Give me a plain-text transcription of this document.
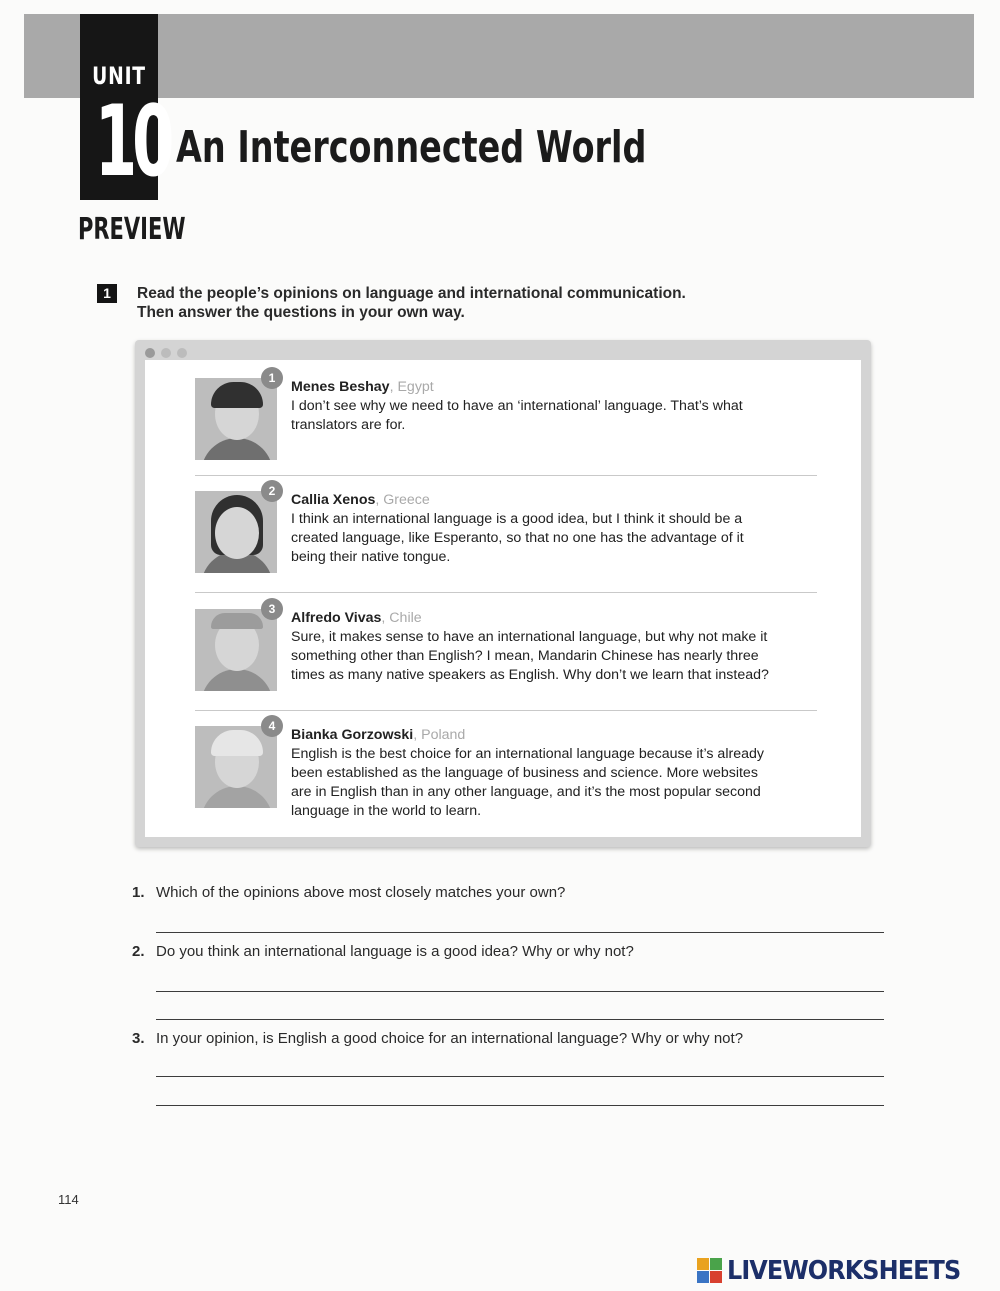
UNIT
10 An Interconnected World
PREVIEW
1	Read the people’s opinions on language and international communication.
Then answer the questions in your own way.
1
Menes Beshay, Egypt
I don’t see why we need to have an ‘international’ language. That’s what
translators are for.
2
Callia Xenos, Greece
I think an international language is a good idea, but I think it should be a
created language, like Esperanto, so that no one has the advantage of it
being their native tongue.
3
Alfredo Vivas, Chile
Sure, it makes sense to have an international language, but why not make it
something other than English? I mean, Mandarin Chinese has nearly three
times as many native speakers as English. Why don’t we learn that instead?
4
Bianka Gorzowski, Poland
English is the best choice for an international language because it’s already
been established as the language of business and science. More websites
are in English than in any other language, and it’s the most popular second
language in the world to learn.
1. Which of the opinions above most closely matches your own?
2. Do you think an international language is a good idea? Why or why not?
3. In your opinion, is English a good choice for an international language? Why or why not?
114
LIVEWORKSHEETS
